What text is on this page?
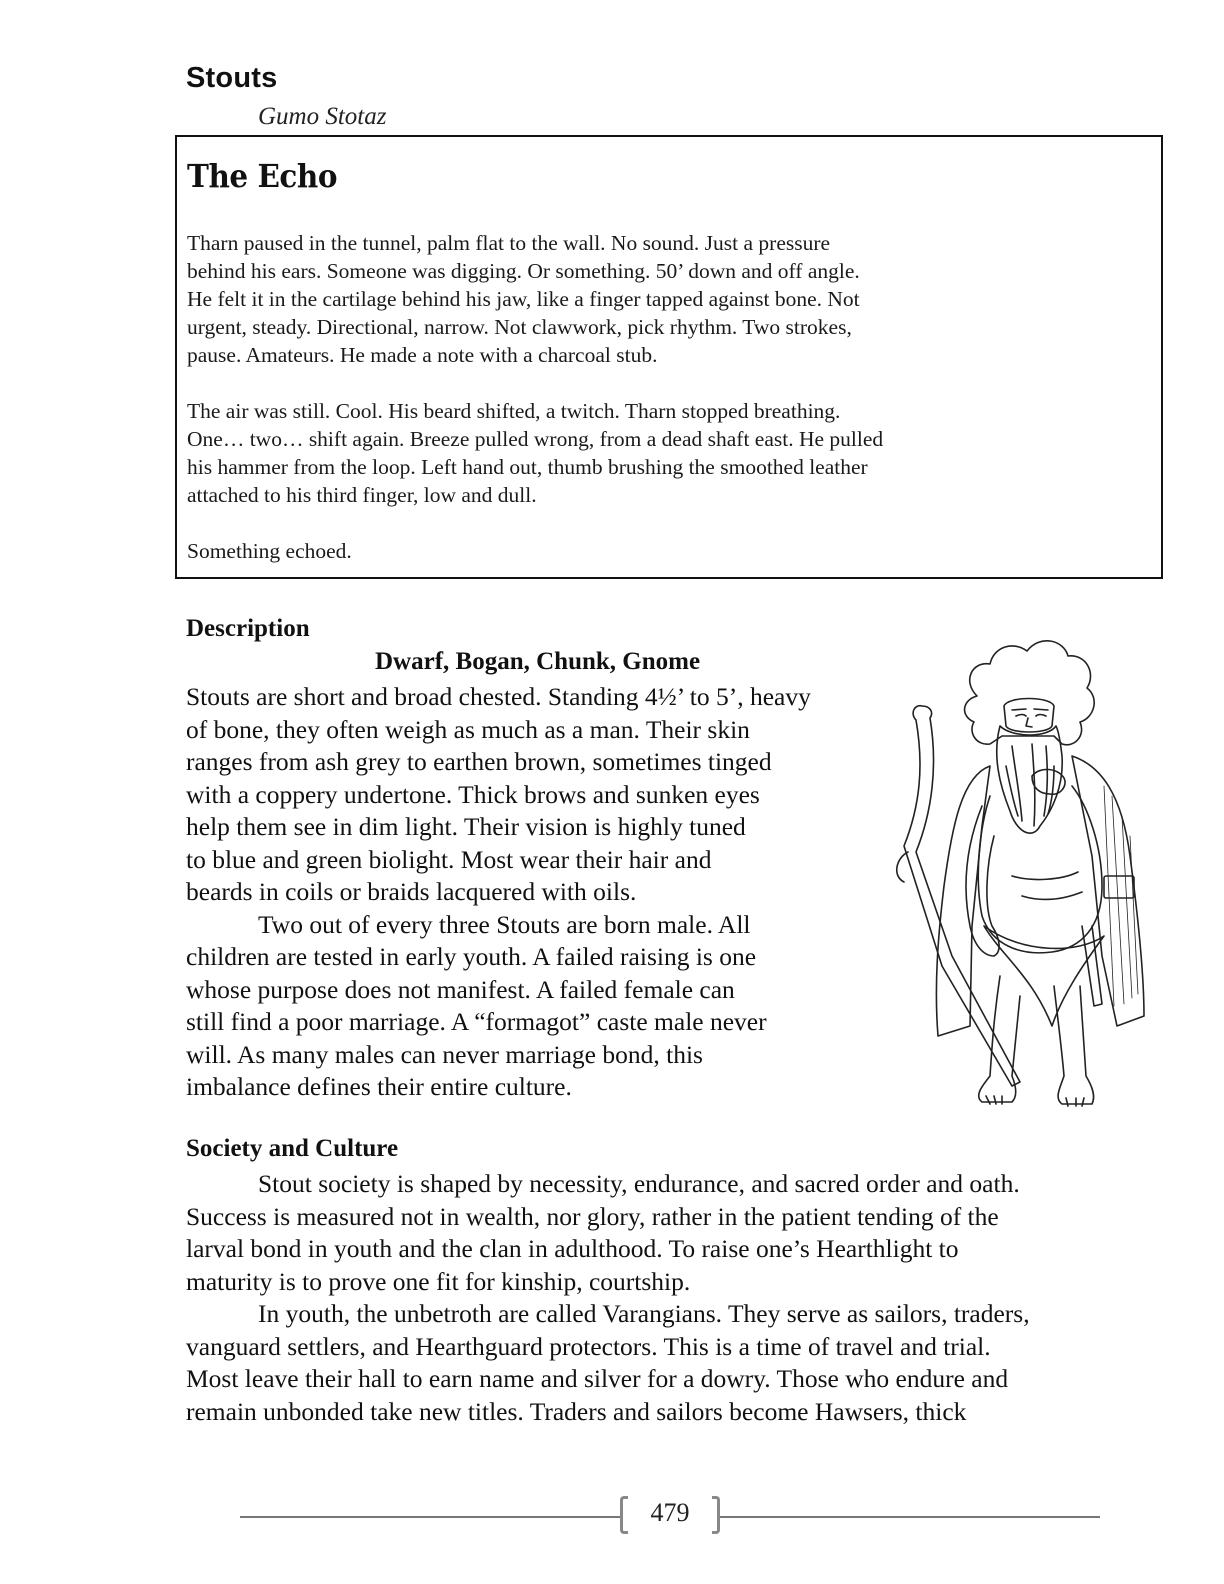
Stouts
Gumo Stotaz
The Echo

Tharn paused in the tunnel, palm flat to the wall. No sound. Just a pressure
behind his ears. Someone was digging. Or something. 50’ down and off angle.
He felt it in the cartilage behind his jaw, like a finger tapped against bone. Not
urgent, steady. Directional, narrow. Not clawwork, pick rhythm. Two strokes,
pause. Amateurs. He made a note with a charcoal stub.

The air was still. Cool. His beard shifted, a twitch. Tharn stopped breathing.
One… two… shift again. Breeze pulled wrong, from a dead shaft east. He pulled
his hammer from the loop. Left hand out, thumb brushing the smoothed leather
attached to his third finger, low and dull.

Something echoed.

Description
Dwarf, Bogan, Chunk, Gnome
Stouts are short and broad chested. Standing 4½’ to 5’, heavy
of bone, they often weigh as much as a man. Their skin
ranges from ash grey to earthen brown, sometimes tinged
with a coppery undertone. Thick brows and sunken eyes
help them see in dim light. Their vision is highly tuned
to blue and green biolight. Most wear their hair and
beards in coils or braids lacquered with oils.
Two out of every three Stouts are born male. All
children are tested in early youth. A failed raising is one
whose purpose does not manifest. A failed female can
still find a poor marriage. A “formagot” caste male never
will. As many males can never marriage bond, this
imbalance defines their entire culture.
Society and Culture
Stout society is shaped by necessity, endurance, and sacred order and oath.
Success is measured not in wealth, nor glory, rather in the patient tending of the
larval bond in youth and the clan in adulthood. To raise one’s Hearthlight to
maturity is to prove one fit for kinship, courtship.
In youth, the unbetroth are called Varangians. They serve as sailors, traders,
vanguard settlers, and Hearthguard protectors. This is a time of travel and trial.
Most leave their hall to earn name and silver for a dowry. Those who endure and
remain unbonded take new titles. Traders and sailors become Hawsers, thick
479
